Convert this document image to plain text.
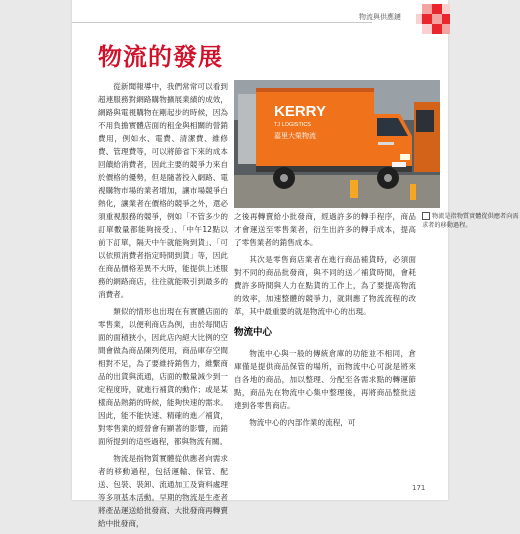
物流與供應鏈
物流的發展

從新聞報導中，我們常常可以看到超連服務對網路購物擴展業績的成效，網路與電視購物在剛起步的時候，因為不用負擔實體店面的租金與相關的營銷費用，例如水、電費、清潔費、維修費、管理費等，可以將節省下來的成本回饋給消費者，因此主要的競爭力來自於價格的優勢，但是隨著投入網路、電視購物市場的業者增加，讓市場競爭白熱化，讓業者在價格的競爭之外，還必須重視服務的競爭，例如「不管多少的訂單數量都能夠接受」、「中午12點以前下訂單，隔天中午就能夠到貨」、「可以依照消費者指定時間到貨」等，因此在商品價格差異不大時，能提供上述服務的網路商店，往往就能吸引到最多的消費者。

類似的情形也出現在有實體店面的零售業，以便利商店為例，由於每間店面的面積狹小，因此店內絕大比例的空間會做為商品陳列使用，商品庫存空間相對不足，為了要維持銷售力，維繫商品的出貨與流通，店面的數量減少到一定程度時，就進行補貨的動作；或是某樣商品熱銷的時候，能夠快速的需求。因此，能不能快速、精確的進／補貨，對零售業的經營會有顯著的影響，而銷面所提到的這些過程，都與物流有關。

物流是指物質實體從供應者向需求者的移動過程，包括運輸、保管、配送、包裝、裝卸、流通加工及資料處理等多項基本活動。早期的物流是生產者將產品運送給批發商、大批發商再轉賣給中批發商，

KERRY
TJ LOGISTICS
嘉里大榮物流

之後再轉賣給小批發商，經過許多的轉手程序，商品才會運送至零售業者，衍生出許多的轉手成本，提高了零售業者的銷售成本。

其次是零售商店業者在進行商品補貨時，必須面對不同的商品批發商，與不同的送／補貨時間，會耗費許多時間與人力在點貨的工作上，為了要提高物流的效率，加速整體的競爭力，就則應了物流流程的改革，其中最重要的就是物流中心的出現。

物流中心

物流中心與一般的傳統倉庫的功能並不相同，倉庫僅是提供商品保管的場所，而物流中心可說是將來自各地的商品，加以整理、分配至各需求點的轉運節點，商品先在物流中心集中整理後，再將商品整批送達到各零售商店。

物流中心的內部作業的流程，可

物流是指物質實體從供應者向需求者的移動過程。
171
